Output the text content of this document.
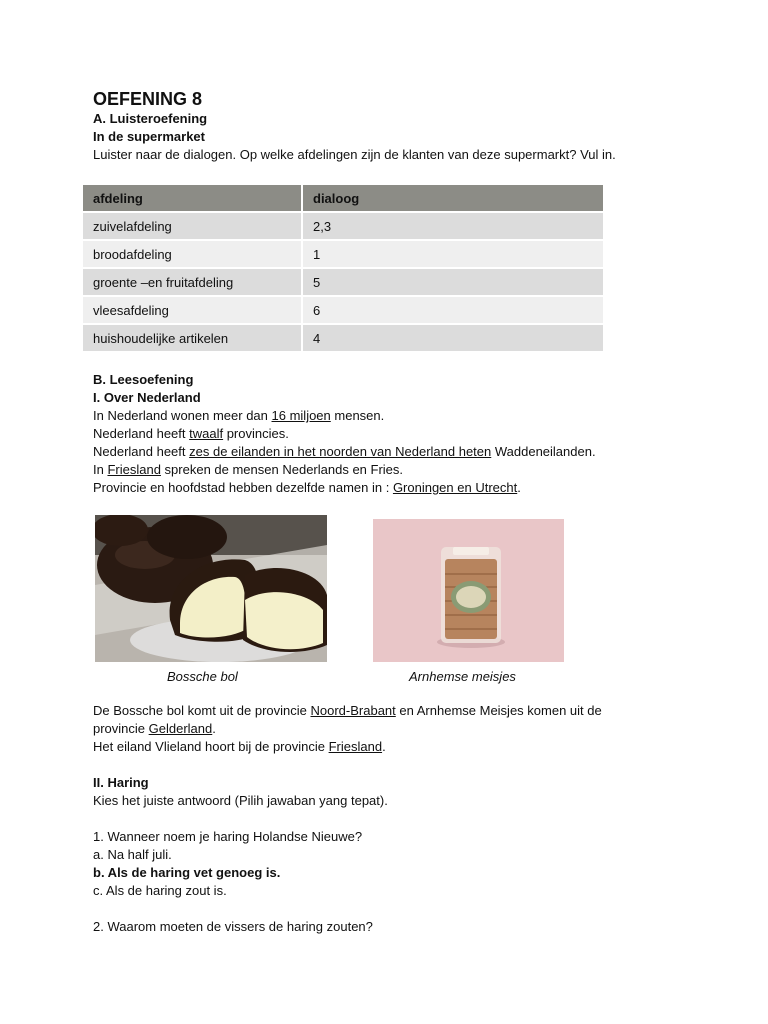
OEFENING 8
A. Luisteroefening
In de supermarket
Luister naar de dialogen. Op welke afdelingen zijn de klanten van deze supermarkt? Vul in.
afdeling	dialoog
zuivelafdeling	2,3
broodafdeling	1
groente –en fruitafdeling	5
vleesafdeling	6
huishoudelijke artikelen	4
B. Leesoefening
I. Over Nederland
In Nederland wonen meer dan 16 miljoen mensen.
Nederland heeft twaalf provincies.
Nederland heeft zes de eilanden in het noorden van Nederland heten Waddeneilanden.
In Friesland spreken de mensen Nederlands en Fries.
Provincie en hoofdstad hebben dezelfde namen in : Groningen en Utrecht.
Bossche bol	Arnhemse meisjes
De Bossche bol komt uit de provincie Noord-Brabant en Arnhemse Meisjes komen uit de
provincie Gelderland.
Het eiland Vlieland hoort bij de provincie Friesland.
II. Haring
Kies het juiste antwoord (Pilih jawaban yang tepat).
1. Wanneer noem je haring Holandse Nieuwe?
a. Na half juli.
b. Als de haring vet genoeg is.
c. Als de haring zout is.
2. Waarom moeten de vissers de haring zouten?
